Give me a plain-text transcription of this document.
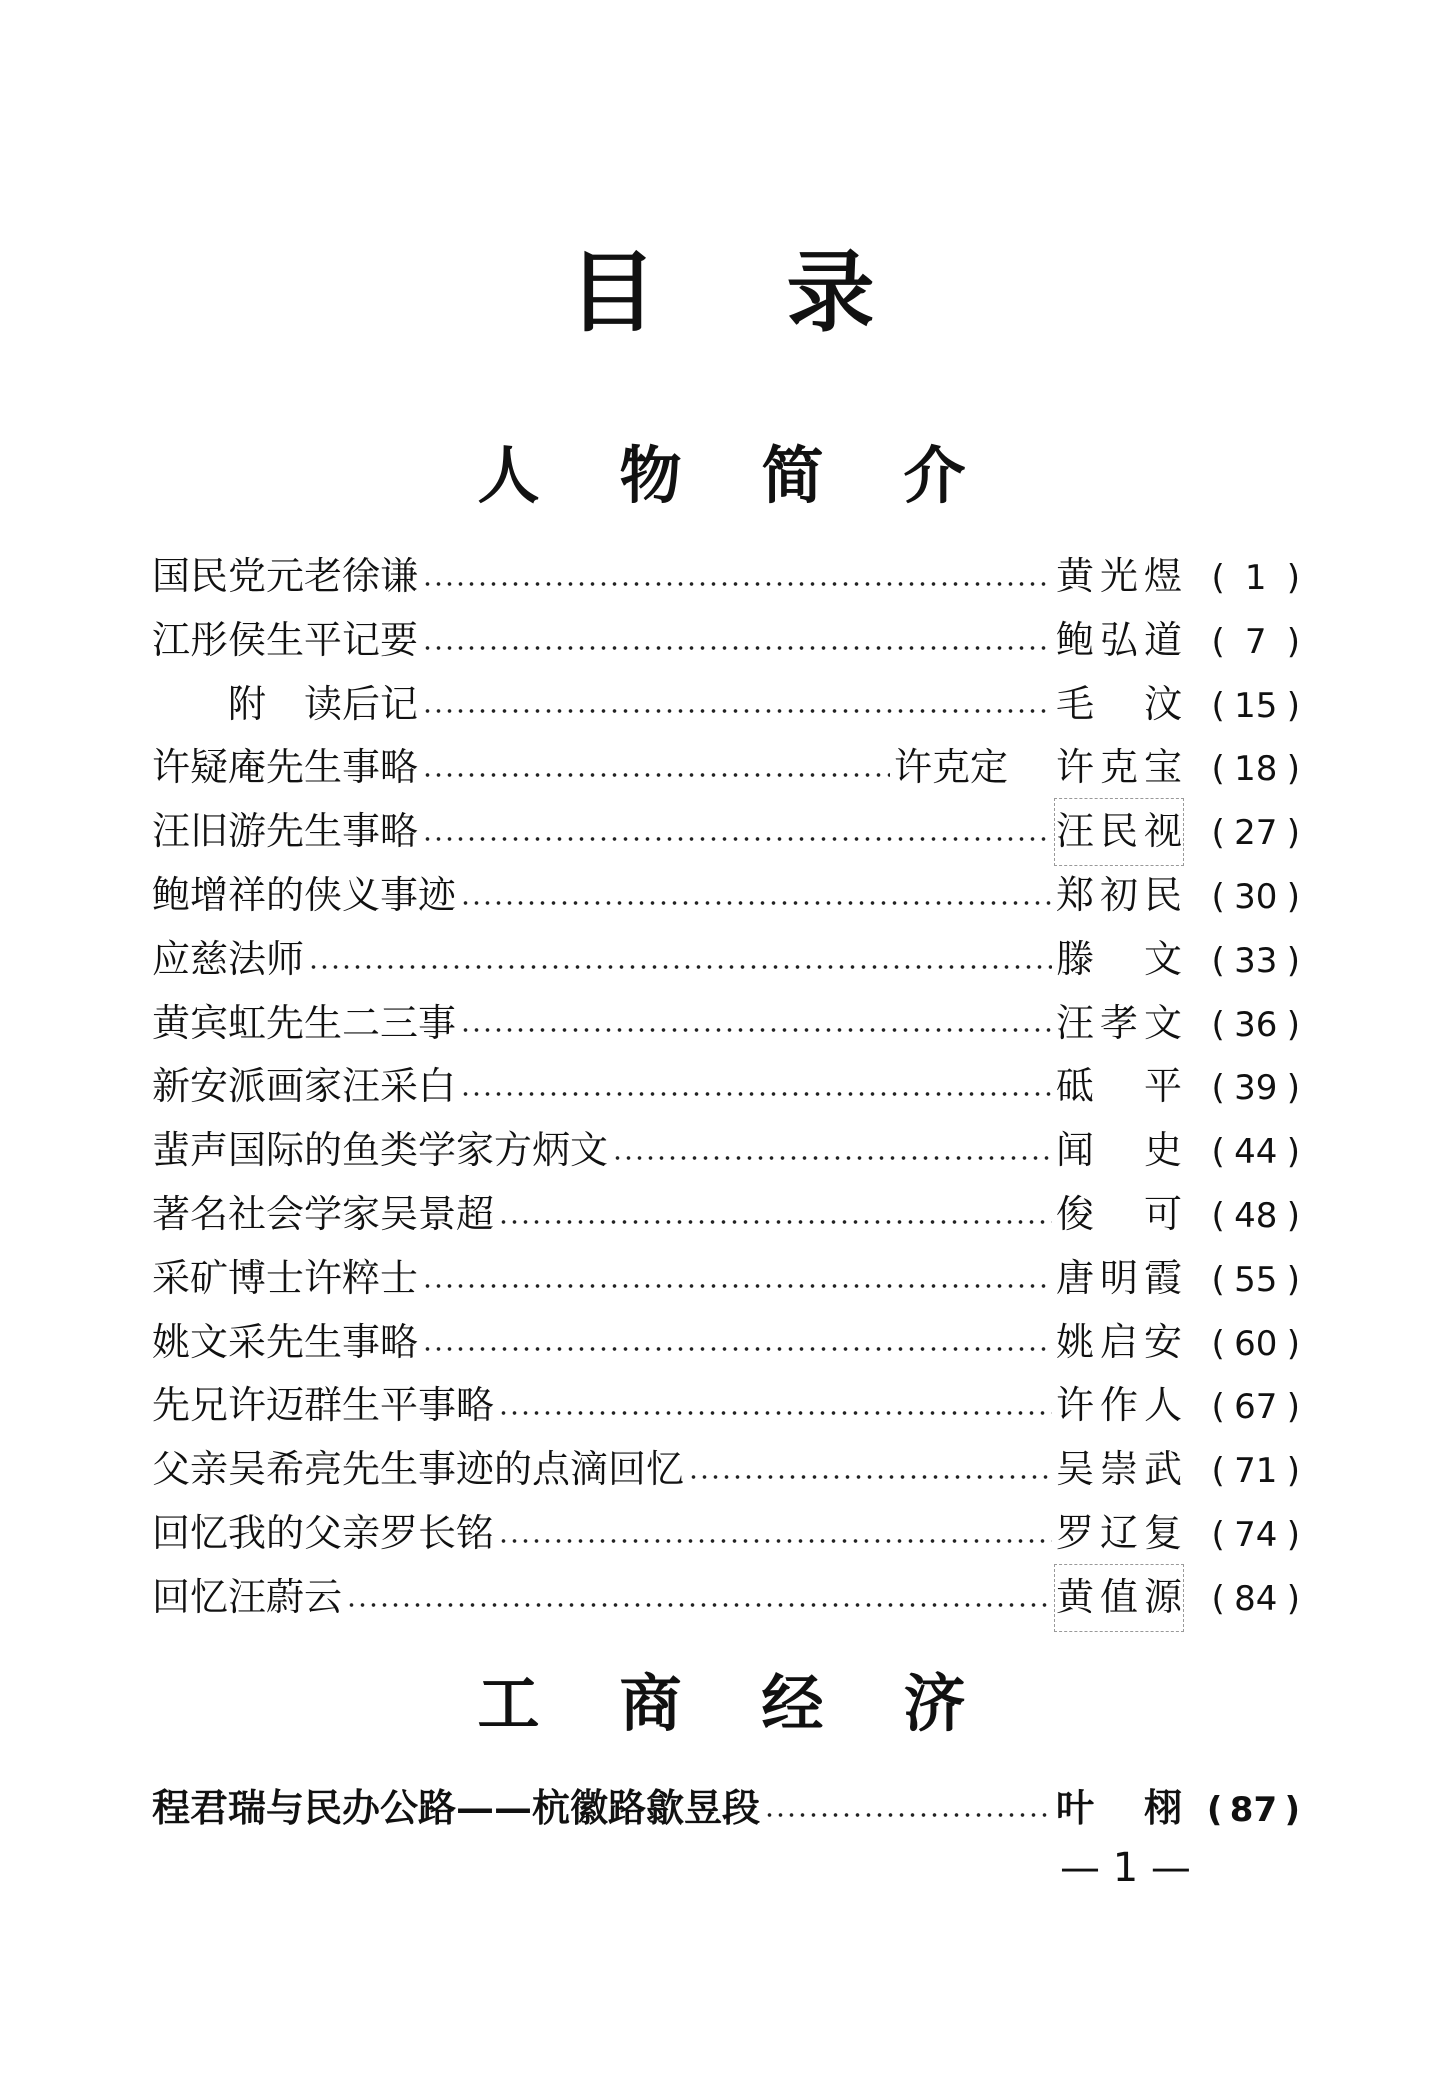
目录
人物简介
国民党元老徐谦	黄光煜 ( 1 )
江彤侯生平记要	鲍弘道 ( 7 )
附　读后记	毛　汶 ( 15 )
许疑庵先生事略	许克定 许克宝 ( 18 )
汪旧游先生事略	汪民视 ( 27 )
鲍增祥的侠义事迹	郑初民 ( 30 )
应慈法师	滕　文 ( 33 )
黄宾虹先生二三事	汪孝文 ( 36 )
新安派画家汪采白	砥　平 ( 39 )
蜚声国际的鱼类学家方炳文	闻　史 ( 44 )
著名社会学家吴景超	俊　可 ( 48 )
采矿博士许粹士	唐明霞 ( 55 )
姚文采先生事略	姚启安 ( 60 )
先兄许迈群生平事略	许作人 ( 67 )
父亲吴希亮先生事迹的点滴回忆	吴崇武 ( 71 )
回忆我的父亲罗长铭	罗辽复 ( 74 )
回忆汪蔚云	黄值源 ( 84 )
工商经济
程君瑞与民办公路——杭徽路歙昱段	叶　栩 ( 87 )
— 1 —
